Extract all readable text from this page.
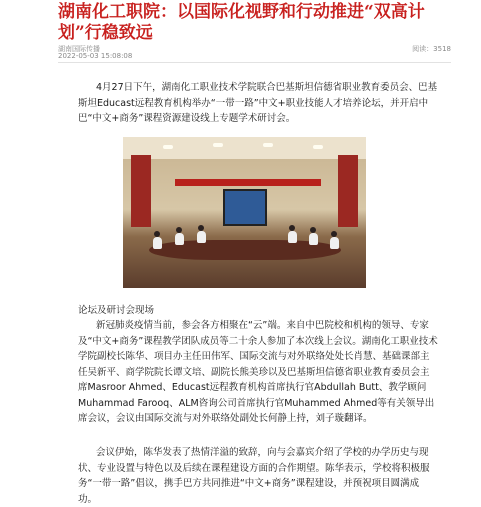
湖南化工职院：以国际化视野和行动推进“双高计划”行稳致远
湖南国际传播
2022-05-03 15:08:08
阅读：3518
4月27日下午，湖南化工职业技术学院联合巴基斯坦信德省职业教育委员会、巴基斯坦Educast远程教育机构举办“一带一路”中文+职业技能人才培养论坛，并开启中巴“中文+商务”课程资源建设线上专题学术研讨会。
论坛及研讨会现场
新冠肺炎疫情当前，参会各方相聚在“云”端。来自中巴院校和机构的领导、专家及“中文+商务”课程教学团队成员等二十余人参加了本次线上会议。湖南化工职业技术学院副校长陈华、项目办主任田伟军、国际交流与对外联络处处长肖慧、基础课部主任吴新平、商学院院长谭文培、副院长熊美珍以及巴基斯坦信德省职业教育委员会主席Masroor Ahmed、Educast远程教育机构首席执行官Abdullah Butt、教学顾问Muhammad Farooq、ALM咨询公司首席执行官Muhammed Ahmed等有关领导出席会议，会议由国际交流与对外联络处副处长何静上持，刘子璇翻译。
会议伊始，陈华发表了热情洋溢的致辞，向与会嘉宾介绍了学校的办学历史与现状、专业设置与特色以及后续在课程建设方面的合作期望。陈华表示，学校将积极服务“一带一路”倡议，携手巴方共同推进“中文+商务”课程建设，并预祝项目圆满成功。
